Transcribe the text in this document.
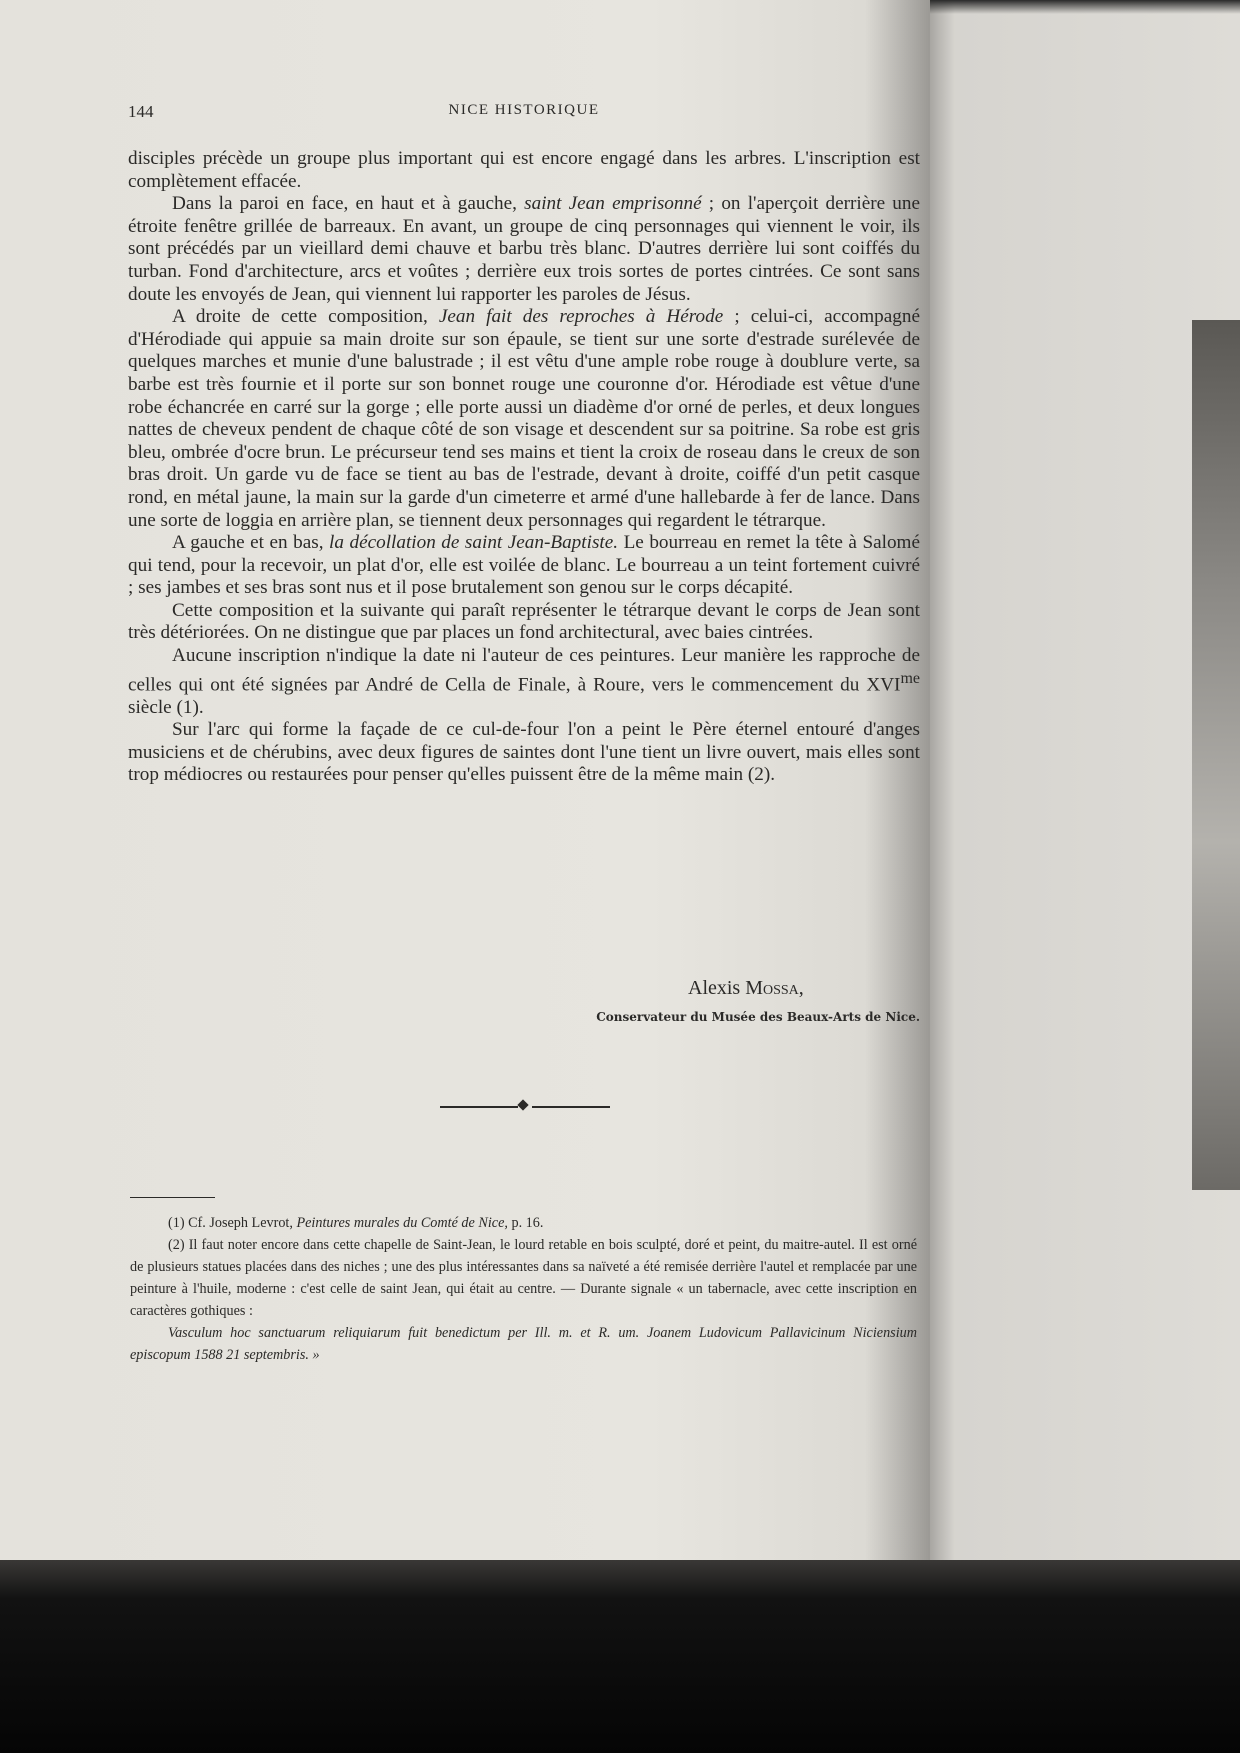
144	NICE HISTORIQUE

disciples précède un groupe plus important qui est encore engagé dans les arbres. L'inscription est complètement effacée.

Dans la paroi en face, en haut et à gauche, saint Jean emprisonné ; on l'aperçoit derrière une étroite fenêtre grillée de barreaux. En avant, un groupe de cinq personnages qui viennent le voir, ils sont précédés par un vieillard demi chauve et barbu très blanc. D'autres derrière lui sont coiffés du turban. Fond d'architecture, arcs et voûtes ; derrière eux trois sortes de portes cintrées. Ce sont sans doute les envoyés de Jean, qui viennent lui rapporter les paroles de Jésus.

A droite de cette composition, Jean fait des reproches à Hérode ; celui-ci, accompagné d'Hérodiade qui appuie sa main droite sur son épaule, se tient sur une sorte d'estrade surélevée de quelques marches et munie d'une balustrade ; il est vêtu d'une ample robe rouge à doublure verte, sa barbe est très fournie et il porte sur son bonnet rouge une couronne d'or. Hérodiade est vêtue d'une robe échancrée en carré sur la gorge ; elle porte aussi un diadème d'or orné de perles, et deux longues nattes de cheveux pendent de chaque côté de son visage et descendent sur sa poitrine. Sa robe est gris bleu, ombrée d'ocre brun. Le précurseur tend ses mains et tient la croix de roseau dans le creux de son bras droit. Un garde vu de face se tient au bas de l'estrade, devant à droite, coiffé d'un petit casque rond, en métal jaune, la main sur la garde d'un cimeterre et armé d'une hallebarde à fer de lance. Dans une sorte de loggia en arrière plan, se tiennent deux personnages qui regardent le tétrarque.

A gauche et en bas, la décollation de saint Jean-Baptiste. Le bourreau en remet la tête à Salomé qui tend, pour la recevoir, un plat d'or, elle est voilée de blanc. Le bourreau a un teint fortement cuivré ; ses jambes et ses bras sont nus et il pose brutalement son genou sur le corps décapité.

Cette composition et la suivante qui paraît représenter le tétrarque devant le corps de Jean sont très détériorées. On ne distingue que par places un fond architectural, avec baies cintrées.

Aucune inscription n'indique la date ni l'auteur de ces peintures. Leur manière les rapproche de celles qui ont été signées par André de Cella de Finale, à Roure, vers le commencement du $XVI^{me}$ siècle (1).

Sur l'arc qui forme la façade de ce cul-de-four l'on a peint le Père éternel entouré d'anges musiciens et de chérubins, avec deux figures de saintes dont l'une tient un livre ouvert, mais elles sont trop médiocres ou restaurées pour penser qu'elles puissent être de la même main (2).

Alexis Mossa,
Conservateur du Musée des Beaux-Arts de Nice.

(1) Cf. Joseph Levrot, Peintures murales du Comté de Nice, p. 16.

(2) Il faut noter encore dans cette chapelle de Saint-Jean, le lourd retable en bois sculpté, doré et peint, du maitre-autel. Il est orné de plusieurs statues placées dans des niches ; une des plus intéressantes dans sa naïveté a été remisée derrière l'autel et remplacée par une peinture à l'huile, moderne : c'est celle de saint Jean, qui était au centre. — Durante signale « un tabernacle, avec cette inscription en caractères gothiques :

Vasculum hoc sanctuarum reliquiarum fuit benedictum per Ill. m. et R. um. Joanem Ludovicum Pallavicinum Niciensium episcopum 1588 21 septembris. »
